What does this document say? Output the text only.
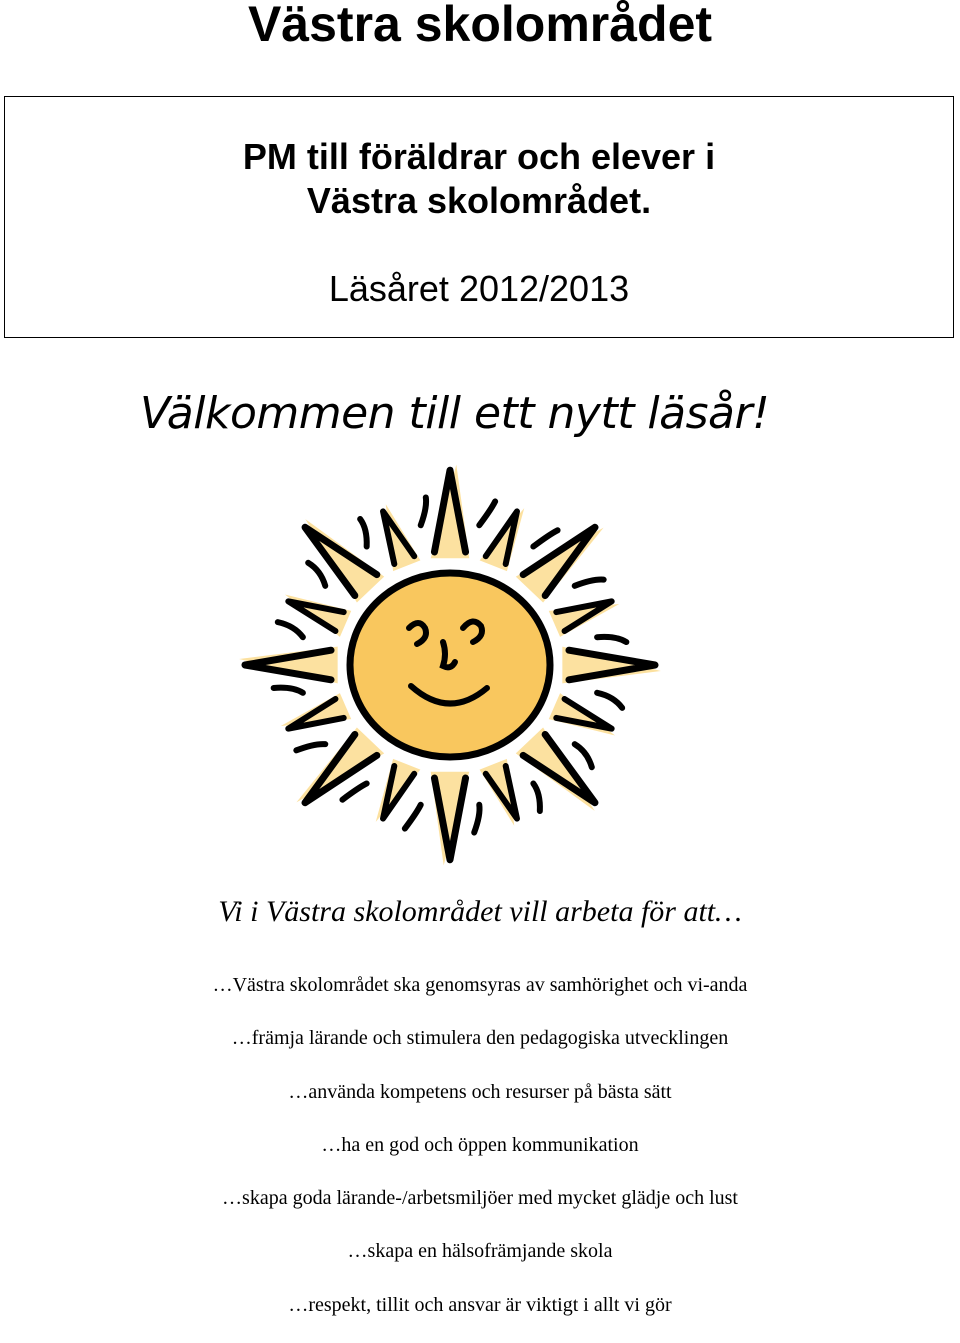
Västra skolområdet
PM till föräldrar och elever i
Västra skolområdet.
Läsåret 2012/2013
Välkommen till ett nytt läsår!
Vi i Västra skolområdet vill arbeta för att…
…Västra skolområdet ska genomsyras av samhörighet och vi-anda
…främja lärande och stimulera den pedagogiska utvecklingen
…använda kompetens och resurser på bästa sätt
…ha en god och öppen kommunikation
…skapa goda lärande-/arbetsmiljöer med mycket glädje och lust
…skapa en hälsofrämjande skola
…respekt, tillit och ansvar är viktigt i allt vi gör
